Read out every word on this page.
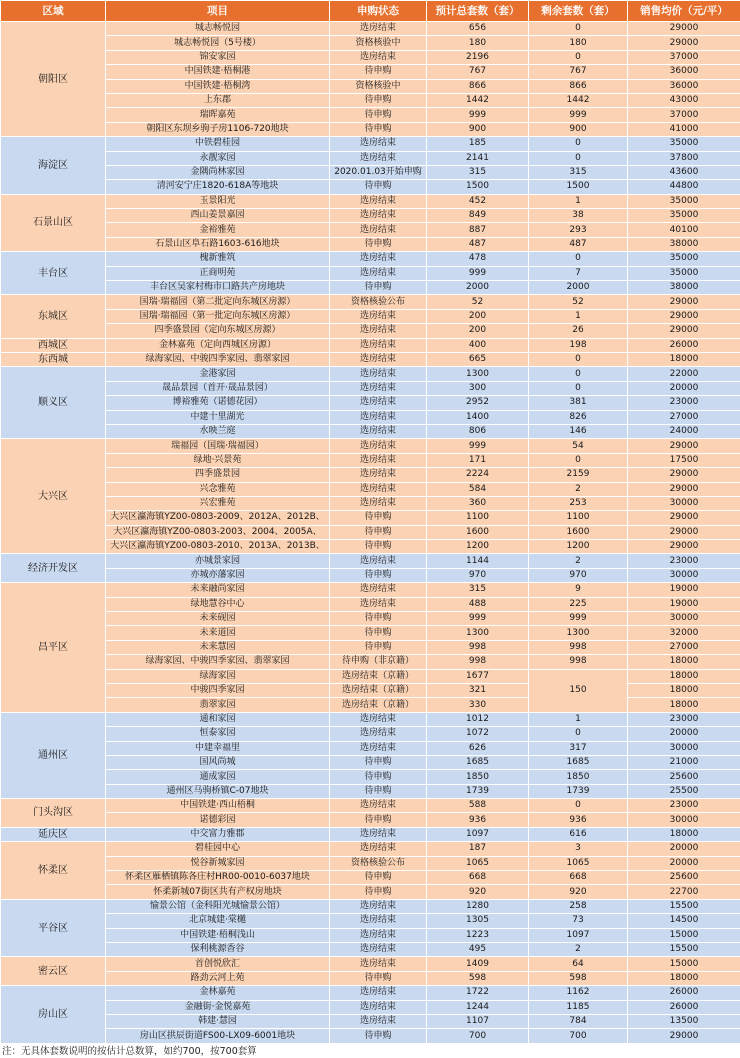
区域	项目	申购状态	预计总套数（套）	剩余套数（套）	销售均价（元/平）
朝阳区	城志畅悦园	选房结束	656	0	29000
	城志畅悦园（5号楼）	资格核验中	180	180	29000
	锦安家园	选房结束	2196	0	37000
	中国铁建·梧桐港	待申购	767	767	36000
	中国铁建·梧桐湾	资格核验中	866	866	36000
	上东郡	待申购	1442	1442	43000
	瑞晖嘉苑	待申购	999	999	37000
	朝阳区东坝乡驹子房1106-720地块	待申购	900	900	41000
海淀区	中铁碧桂园	选房结束	185	0	35000
	永靓家园	选房结束	2141	0	37800
	金隅尚林家园	2020.01.03开始申购	315	315	43600
	清河安宁庄1820-618A等地块	待申购	1500	1500	44800
石景山区	玉景阳光	选房结束	452	1	35000
	西山姜景嘉园	选房结束	849	38	35000
	金裕雅苑	选房结束	887	293	40100
	石景山区阜石路1603-616地块	待申购	487	487	38000
丰台区	槐新雅筑	选房结束	478	0	35000
	正商明苑	选房结束	999	7	35000
	丰台区吴家村梅市口路共产房地块	待申购	2000	2000	38000
东城区	国瑞·瑞福园（第二批定向东城区房源）	资格核验公布	52	52	29000
	国瑞·瑞福园（第一批定向东城区房源）	选房结束	200	1	29000
	四季盛景园（定向东城区房源）	选房结束	200	26	29000
西城区	金林嘉苑（定向西城区房源）	选房结束	400	198	26000
东西城	绿海家园、中骏四季家园、翡翠家园	选房结束	665	0	18000
顺义区	金港家园	选房结束	1300	0	22000
	晟品景园（首开·晟品景园）	选房结束	300	0	20000
	博裕雅苑（诺德花园）	选房结束	2952	381	23000
	中建十里湖光	选房结束	1400	826	27000
	水映兰庭	选房结束	806	146	24000
大兴区	瑞福园（国瑞·瑞福园）	选房结束	999	54	29000
	绿地·兴景苑	选房结束	171	0	17500
	四季盛景园	选房结束	2224	2159	29000
	兴念雅苑	选房结束	584	2	29000
	兴宏雅苑	选房结束	360	253	30000
	大兴区瀛海镇YZ00-0803-2009、2012A、2012B、	待申购	1100	1100	29000
	大兴区瀛海镇YZ00-0803-2003、2004、2005A、	待申购	1600	1600	29000
	大兴区瀛海镇YZ00-0803-2010、2013A、2013B、	待申购	1200	1200	29000
经济开发区	亦城景家园	选房结束	1144	2	23000
	亦城亦藩家园	待申购	970	970	30000
昌平区	未来融尚家园	选房结束	315	9	19000
	绿地慧谷中心	选房结束	488	225	19000
	未来砚园	待申购	999	999	30000
	未来道园	待申购	1300	1300	32000
	未来慧园	待申购	998	998	27000
	绿海家园、中骏四季家园、翡翠家园	待申购（非京籍）	998	998	18000
	绿海家园	选房结束（京籍）	1677	150	18000
	中骏四季家园	选房结束（京籍）	321		18000
	翡翠家园	选房结束（京籍）	330		18000
通州区	通和家园	选房结束	1012	1	23000
	恒泰家园	选房结束	1072	0	20000
	中建幸福里	选房结束	626	317	30000
	国风尚城	待申购	1685	1685	21000
	通成家园	待申购	1850	1850	25600
	通州区马驹桥镇C-07地块	待申购	1739	1739	25500
门头沟区	中国铁建·西山梧桐	选房结束	588	0	23000
	诺德彩园	待申购	936	936	30000
延庆区	中交富力雅郡	选房结束	1097	616	18000
怀柔区	碧桂园中心	选房结束	187	3	20000
	悦谷新城家园	资格核验公布	1065	1065	20000
	怀柔区雁栖镇陈各庄村HR00-0010-6037地块	待申购	668	668	25600
	怀柔新城07街区共有产权房地块	待申购	920	920	22700
平谷区	愉景公馆（金科阳光城愉景公馆）	选房结束	1280	258	15500
	北京城建·棠樾	选房结束	1305	73	14500
	中国铁建·梧桐浅山	选房结束	1223	1097	15000
	保利桃源香谷	选房结束	495	2	15500
密云区	首创悦欣汇	选房结束	1409	64	15000
	路劲云河上苑	待申购	598	598	18000
房山区	金林嘉苑	选房结束	1722	1162	26000
	金融街·金悦嘉苑	选房结束	1244	1185	26000
	韩建·慧园	选房结束	1107	784	13500
	房山区拱辰街道FS00-LX09-6001地块	待申购	700	700	29000
注：无具体套数说明的按估计总数算，如约700，按700套算
